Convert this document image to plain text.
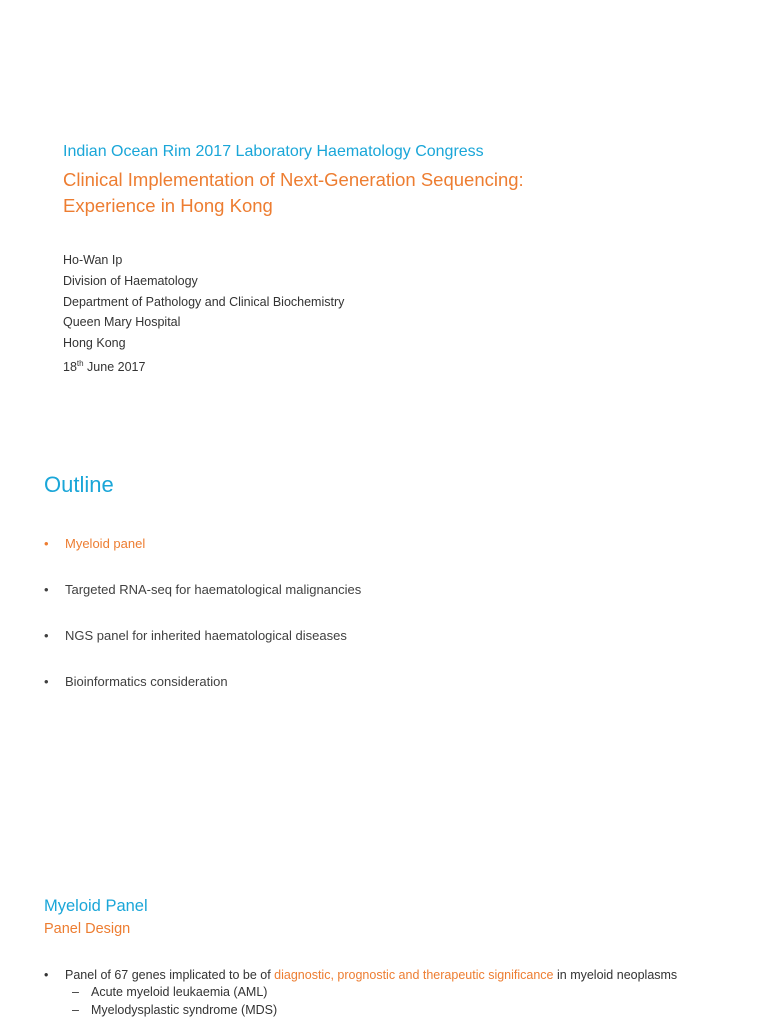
Indian Ocean Rim 2017 Laboratory Haematology Congress
Clinical Implementation of Next-Generation Sequencing:
Experience in Hong Kong
Ho-Wan Ip
Division of Haematology
Department of Pathology and Clinical Biochemistry
Queen Mary Hospital
Hong Kong
18th June 2017
Outline
• Myeloid panel
• Targeted RNA-seq for haematological malignancies
• NGS panel for inherited haematological diseases
• Bioinformatics consideration
Myeloid Panel
Panel Design
• Panel of 67 genes implicated to be of diagnostic, prognostic and therapeutic significance in myeloid neoplasms
– Acute myeloid leukaemia (AML)
– Myelodysplastic syndrome (MDS)
